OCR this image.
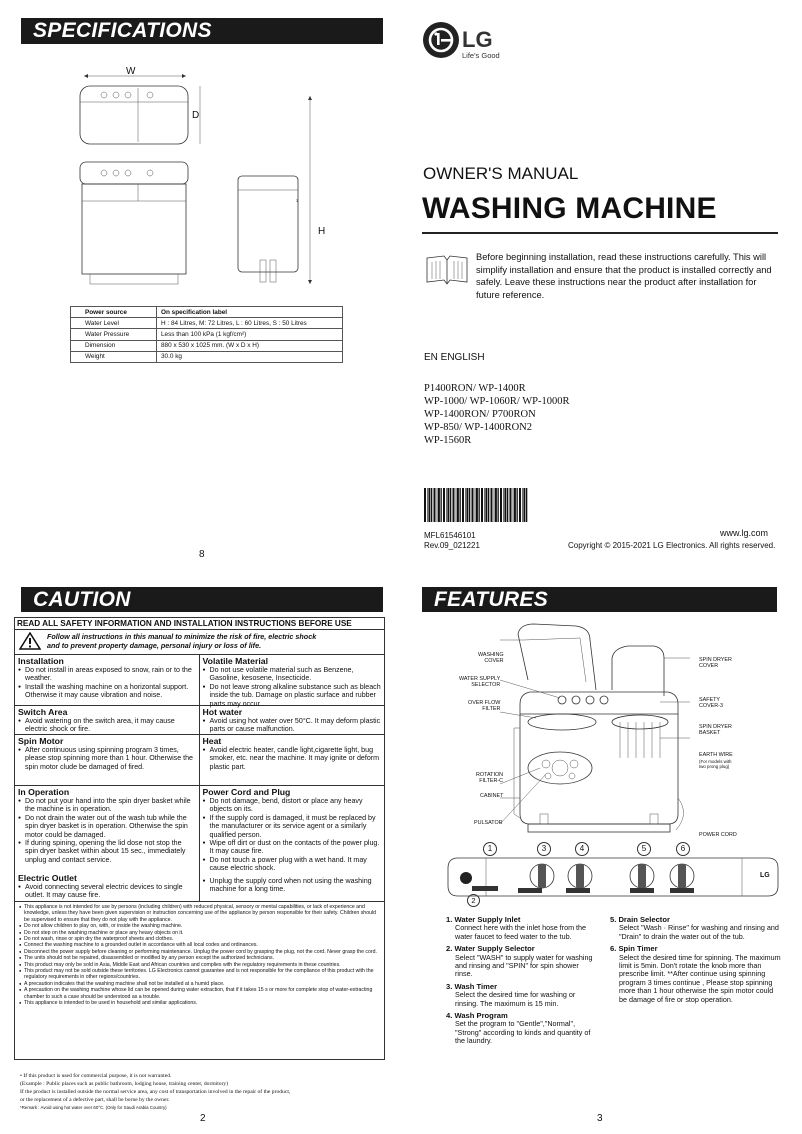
SPECIFICATIONS
3
W
D
H
Power source	On specification label
Water Level	H : 84 Litres, M: 72 Litres, L : 60 Litres, S : 50 Litres
Water Pressure	Less than 100 kPa (1 kgf/cm²)
Dimension	880 x 530 x 1025 mm. (W x D x H)
Weight	30.0 kg
8
LG
Life's Good
OWNER'S MANUAL
WASHING MACHINE
Before beginning installation, read these instructions carefully. This will simplify installation and ensure that the product is installed correctly and safely. Leave these instructions near the product after installation for future reference.
EN ENGLISH
P1400RON/ WP-1400R
WP-1000/ WP-1060R/ WP-1000R
WP-1400RON/ P700RON
WP-850/ WP-1400RON2
WP-1560R
MFL61546101
Rev.09_021221
www.lg.com
Copyright © 2015-2021 LG Electronics. All rights reserved.
CAUTION
READ ALL SAFETY INFORMATION AND INSTALLATION INSTRUCTIONS BEFORE USE
Follow all instructions in this manual to minimize the risk of fire, electric shock
and to prevent property damage, personal injury or loss of life.
Installation

● Do not install in areas exposed to snow, rain or to the weather.

● Install the washing machine on a horizontal support. Otherwise it may cause vibration and noise.

Volatile Material

● Do not use volatile material such as Benzene, Gasoline, kesosene, Insecticide.

● Do not leave strong alkaline substance such as bleach inside the tub. Damage on plastic surface and rubber parts may occur.

Switch Area

● Avoid watering on the switch area, it may cause electric shock or fire.

Hot water

● Avoid using hot water over 50°C. It may deform plastic parts or cause malfunction.

Spin Motor

● After continuous using spinning program 3 times, please stop spinning more than 1 hour. Otherwise the spin motor clude be damaged of fired.

Heat

● Avoid electric heater, candle light,cigarette light, bug smoker, etc. near the machine. It may ignite or deform plastic part.

In Operation

● Do not put your hand into the spin dryer basket while the machine is in operation.

● Do not drain the water out of the wash tub while the spin dryer basket is in operation. Otherwise the spin motor could be damaged.

● If during spining, opening the lid dose not stop the spin dryer basket within about 15 sec., immediately unplug and contact service.

Power Cord and Plug

● Do not damage, bend, distort or place any heavy objects on its.

● If the supply cord is damaged, it must be replaced by the manufacturer or its service agent or a similarly qualified person.

● Wipe off dirt or dust on the contacts of the power plug. It may cause fire.

● Do not touch a power plug with a wet hand. It may cause electric shock.

Electric Outlet

● Avoid connecting several electric devices to single outlet. It may cause fire.

● Unplug the supply cord when not using the washing machine for a long time.

● This appliance is not intended for use by persons (including children) with reduced physical, sensory or mental capabilities, or lack of experience and knowledge, unless they have been given supervision or instruction concerning use of the appliance by person responsible for their safety. Children should be supervised to ensure that they do not play with the appliance.
● Do not allow children to play on, with, or inside the washing machine.
● Do not step on the washing machine or place any heavy objects on it.
● Do not wash, rinse or spin dry the waterproof sheets and clothes.
● Connect the washing machine to a grounded outlet in accordance with all local codes and ordinances.
● Disconnect the power supply before cleaning or performing maintenance. Unplug the power cord by grasping the plug, not the cord. Never grasp the cord.
● The units should not be repaired, disassembled or modified by any person except the authorized technicians.
● This product may only be sold in Asia, Middle East and African countries and complies with the regulatory requirements in these countries.
● This product may not be sold outside these territories. LG Electronics cannot guarantee and is not responsible for the compliance of this product with the regulatory requirements in other regions/countries.
● A precaution indicates that the washing machine shall not be installed at a humid place.
● A precaution on the washing machine whose lid can be opened during water extraction, that if it takes 15 s or more for complete stop of water-extracting chamber to such a case should be understood as a trouble.
● This appliance is intended to be used in household and similar applications.
• If this product is used for commercial purpose, it is not warranted.
(Example : Public places such as public bathroom, lodging house, training center, dormitory)
If the product is installed outside the normal service area, any cost of transportation involved in the repair of the product,
or the replacement of a defective part, shall be borne by the owner.
*Remark : Avoid using hot water over 60°C. (Only for Saudi Arabia Country)
2
FEATURES
WASHING
COVER
WATER SUPPLY
SELECTOR
OVER FLOW
FILTER
ROTATION
FILTER-C
CABINET
PULSATOR
SPIN DRYER
COVER
SAFETY
COVER-3
SPIN DRYER
BASKET
EARTH WIRE
(For models with
two prong plug)
POWER CORD
1	3	4	5	6
LG
2
1. Water Supply Inlet
Connect here with the inlet hose from the water faucet to feed water to the tub.
2. Water Supply Selector
Select "WASH" to supply water for washing and rinsing and "SPIN" for spin shower rinse.
3. Wash Timer
Select the desired time for washing or rinsing. The maximum is 15 min.
4. Wash Program
Set the program to "Gentle","Normal", "Strong" according to kinds and quantity of the laundry.
5. Drain Selector
Select "Wash · Rinse" for washing and rinsing and "Drain" to drain the water out of the tub.
6. Spin Timer
Select the desired time for spinning. The maximum limit is 5min. Don't rotate the knob more than prescribe limit. **After continue using spinning program 3 times continue , Please stop spinning more than 1 hour otherwise the spin motor could be damage of fire or stop operation.
3
